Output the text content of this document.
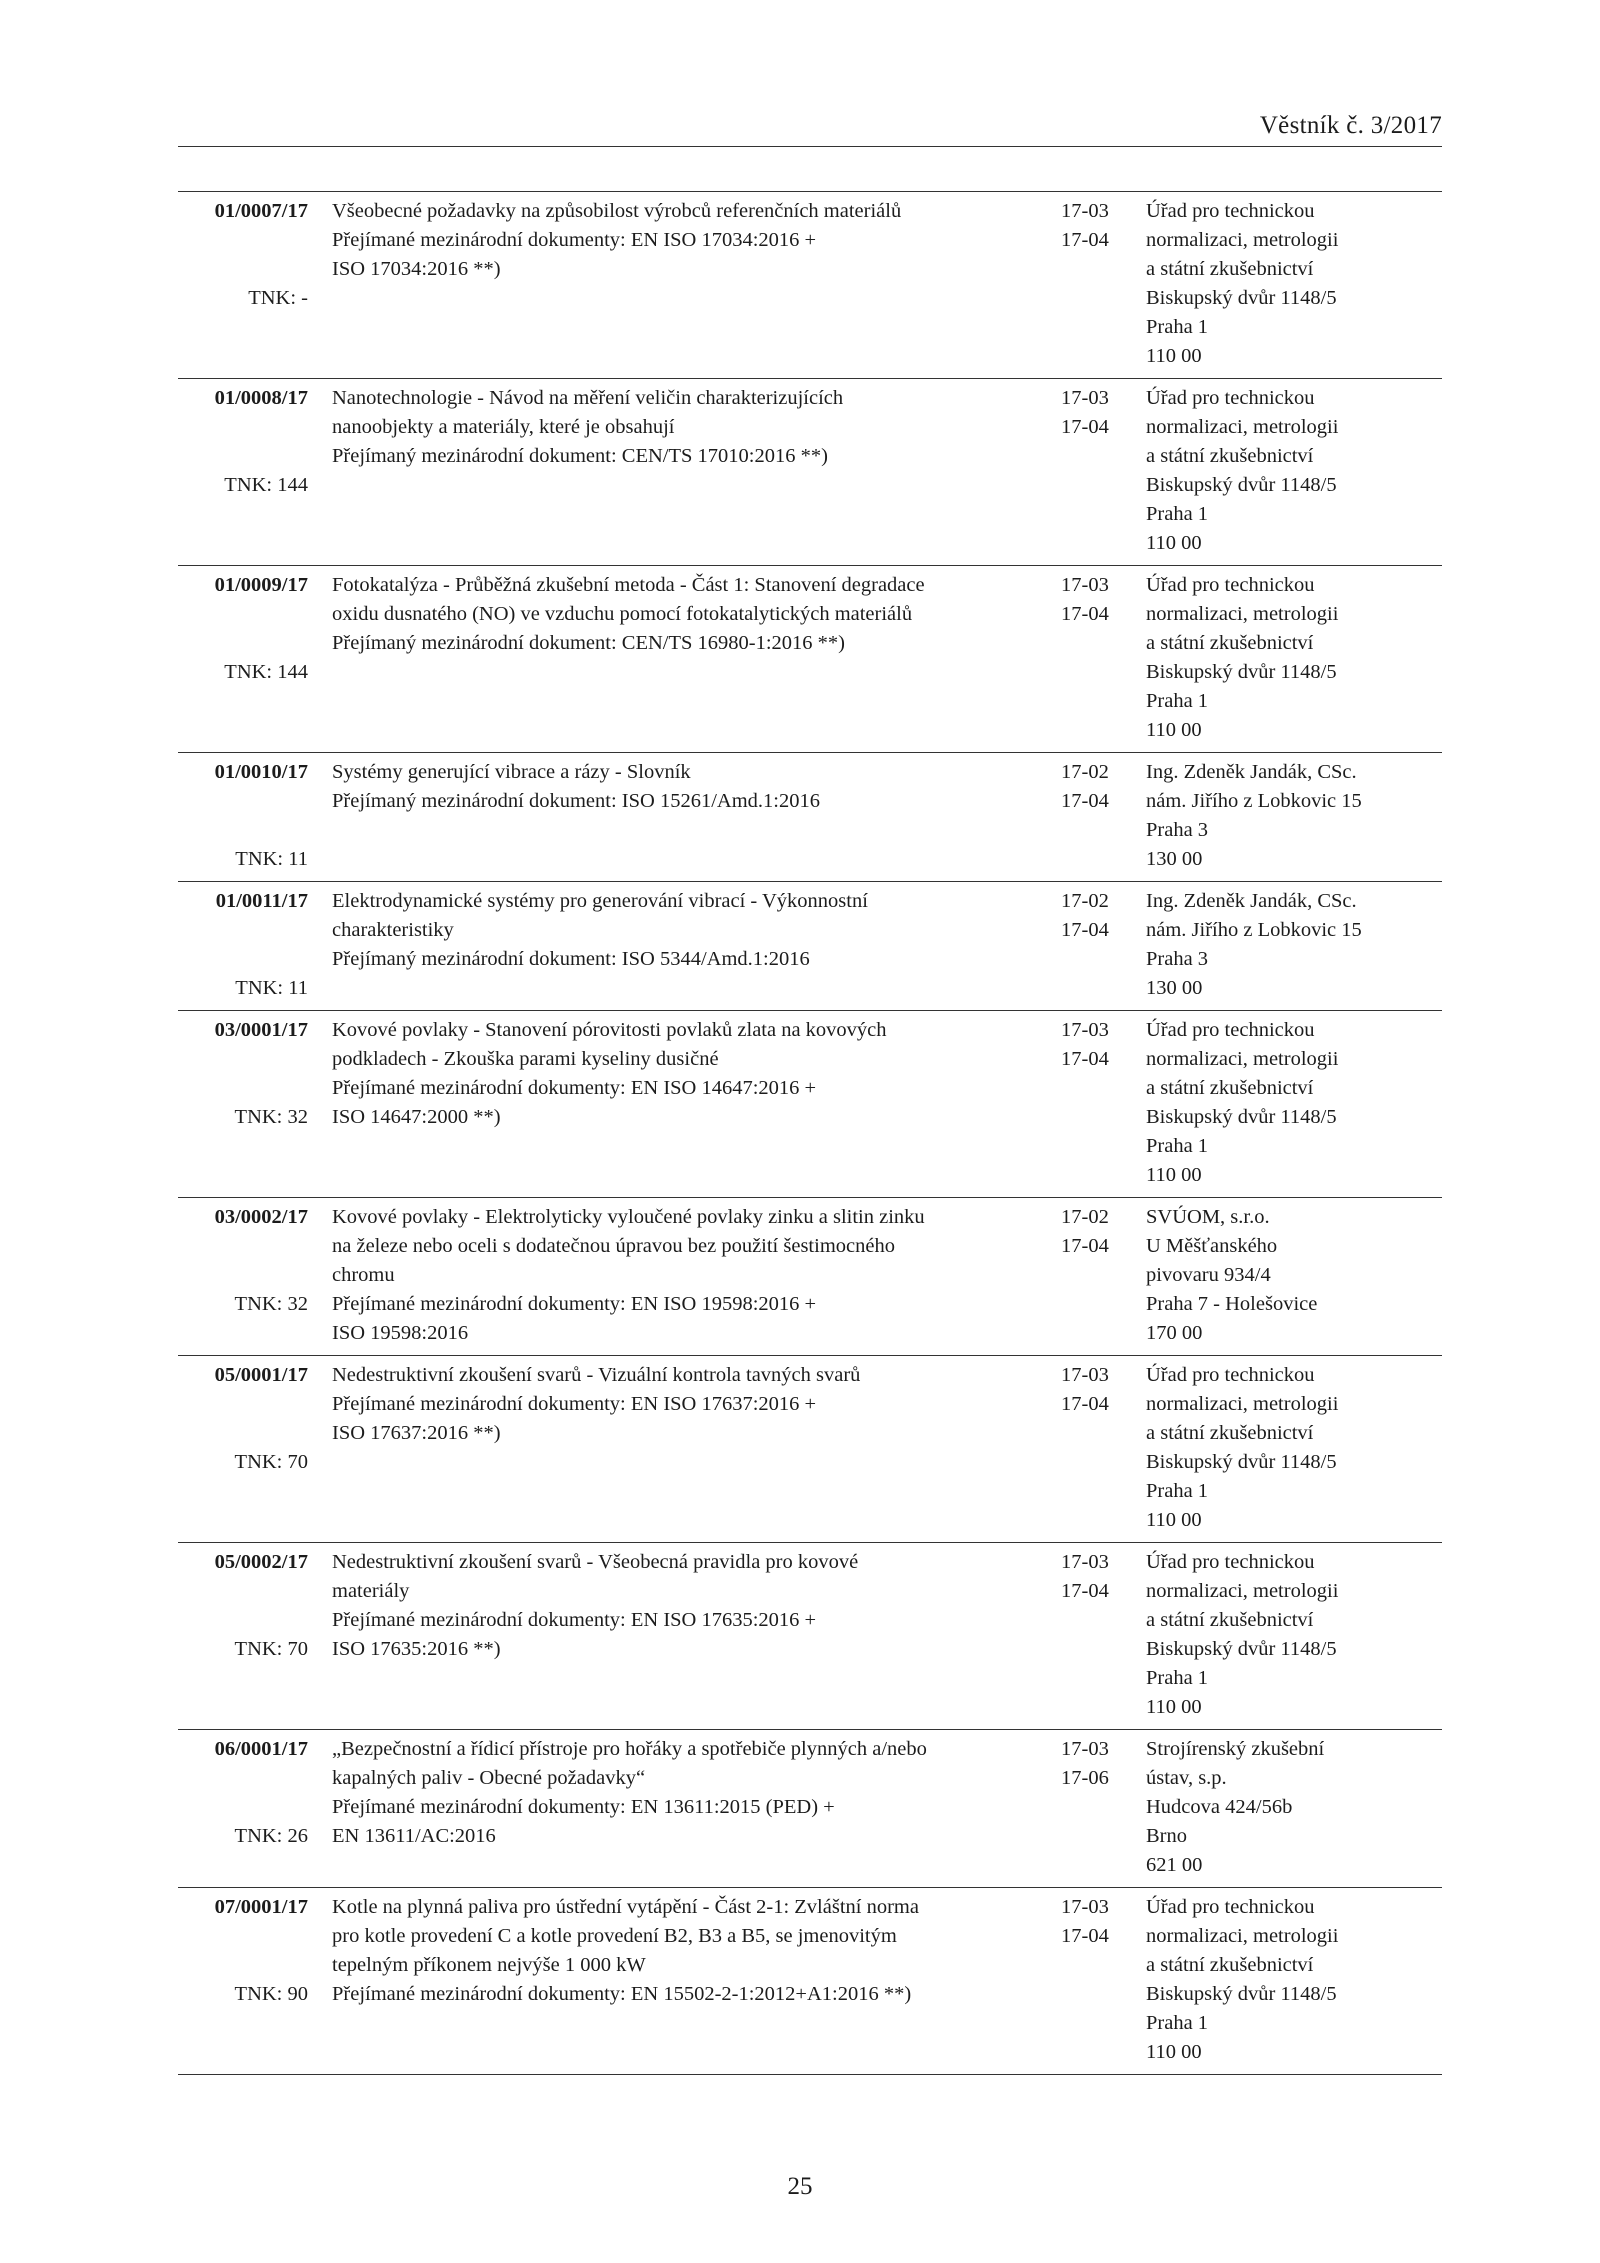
Věstník č. 3/2017
01/0007/17
TNK: -
Všeobecné požadavky na způsobilost výrobců referenčních materiálů
Přejímané mezinárodní dokumenty: EN ISO 17034:2016 +
ISO 17034:2016 **)
17-03
17-04
Úřad pro technickou
normalizaci, metrologii
a státní zkušebnictví
Biskupský dvůr 1148/5
Praha 1
110 00
01/0008/17
TNK: 144
Nanotechnologie - Návod na měření veličin charakterizujících
nanoobjekty a materiály, které je obsahují
Přejímaný mezinárodní dokument: CEN/TS 17010:2016 **)
17-03
17-04
Úřad pro technickou
normalizaci, metrologii
a státní zkušebnictví
Biskupský dvůr 1148/5
Praha 1
110 00
01/0009/17
TNK: 144
Fotokatalýza - Průběžná zkušební metoda - Část 1: Stanovení degradace
oxidu dusnatého (NO) ve vzduchu pomocí fotokatalytických materiálů
Přejímaný mezinárodní dokument: CEN/TS 16980-1:2016 **)
17-03
17-04
Úřad pro technickou
normalizaci, metrologii
a státní zkušebnictví
Biskupský dvůr 1148/5
Praha 1
110 00
01/0010/17
TNK: 11
Systémy generující vibrace a rázy - Slovník
Přejímaný mezinárodní dokument: ISO 15261/Amd.1:2016
17-02
17-04
Ing. Zdeněk Jandák, CSc.
nám. Jiřího z Lobkovic 15
Praha 3
130 00
01/0011/17
TNK: 11
Elektrodynamické systémy pro generování vibrací - Výkonnostní
charakteristiky
Přejímaný mezinárodní dokument: ISO 5344/Amd.1:2016
17-02
17-04
Ing. Zdeněk Jandák, CSc.
nám. Jiřího z Lobkovic 15
Praha 3
130 00
03/0001/17
TNK: 32
Kovové povlaky - Stanovení pórovitosti povlaků zlata na kovových
podkladech - Zkouška parami kyseliny dusičné
Přejímané mezinárodní dokumenty: EN ISO 14647:2016 +
ISO 14647:2000 **)
17-03
17-04
Úřad pro technickou
normalizaci, metrologii
a státní zkušebnictví
Biskupský dvůr 1148/5
Praha 1
110 00
03/0002/17
TNK: 32
Kovové povlaky - Elektrolyticky vyloučené povlaky zinku a slitin zinku
na železe nebo oceli s dodatečnou úpravou bez použití šestimocného
chromu
Přejímané mezinárodní dokumenty: EN ISO 19598:2016 +
ISO 19598:2016
17-02
17-04
SVÚOM, s.r.o.
U Měšťanského
pivovaru 934/4
Praha 7 - Holešovice
170 00
05/0001/17
TNK: 70
Nedestruktivní zkoušení svarů - Vizuální kontrola tavných svarů
Přejímané mezinárodní dokumenty: EN ISO 17637:2016 +
ISO 17637:2016 **)
17-03
17-04
Úřad pro technickou
normalizaci, metrologii
a státní zkušebnictví
Biskupský dvůr 1148/5
Praha 1
110 00
05/0002/17
TNK: 70
Nedestruktivní zkoušení svarů - Všeobecná pravidla pro kovové
materiály
Přejímané mezinárodní dokumenty: EN ISO 17635:2016 +
ISO 17635:2016 **)
17-03
17-04
Úřad pro technickou
normalizaci, metrologii
a státní zkušebnictví
Biskupský dvůr 1148/5
Praha 1
110 00
06/0001/17
TNK: 26
„Bezpečnostní a řídicí přístroje pro hořáky a spotřebiče plynných a/nebo
kapalných paliv - Obecné požadavky“
Přejímané mezinárodní dokumenty: EN 13611:2015 (PED) +
EN 13611/AC:2016
17-03
17-06
Strojírenský zkušební
ústav, s.p.
Hudcova 424/56b
Brno
621 00
07/0001/17
TNK: 90
Kotle na plynná paliva pro ústřední vytápění - Část 2-1: Zvláštní norma
pro kotle provedení C a kotle provedení B2, B3 a B5, se jmenovitým
tepelným příkonem nejvýše 1 000 kW
Přejímané mezinárodní dokumenty: EN 15502-2-1:2012+A1:2016 **)
17-03
17-04
Úřad pro technickou
normalizaci, metrologii
a státní zkušebnictví
Biskupský dvůr 1148/5
Praha 1
110 00
25
